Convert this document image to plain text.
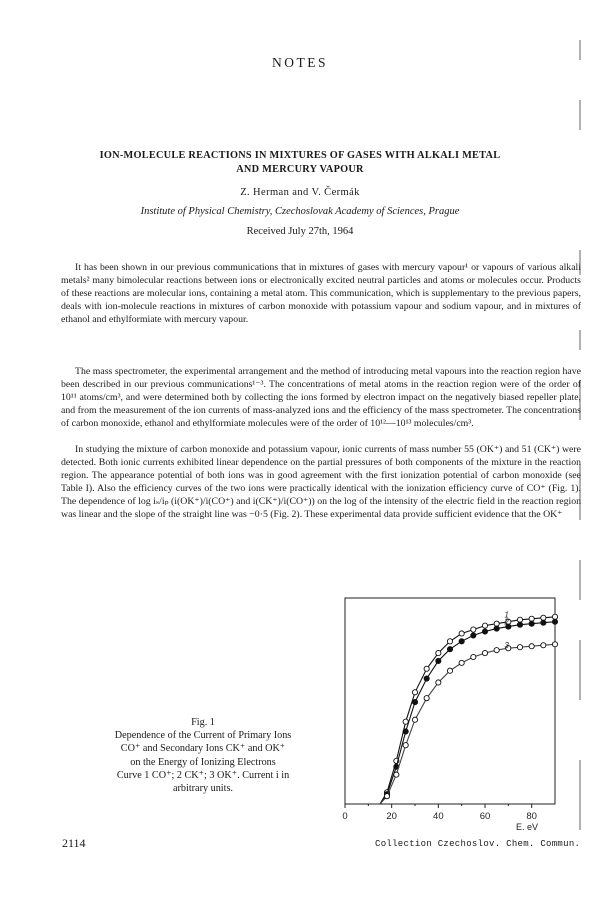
NOTES
ION-MOLECULE REACTIONS IN MIXTURES OF GASES WITH ALKALI METAL
AND MERCURY VAPOUR
Z. Herman and V. Čermák
Institute of Physical Chemistry, Czechoslovak Academy of Sciences, Prague
Received July 27th, 1964

It has been shown in our previous communications that in mixtures of gases with mercury vapour¹ or vapours of various alkali metals² many bimolecular reactions between ions or electronically excited neutral particles and atoms or molecules occur. Products of these reactions are molecular ions, containing a metal atom. This communication, which is supplementary to the previous papers, deals with ion-molecule reactions in mixtures of carbon monoxide with potassium vapour and sodium vapour, and in mixtures of ethanol and ethylformiate with mercury vapour.

The mass spectrometer, the experimental arrangement and the method of introducing metal vapours into the reaction region have been described in our previous communications¹⁻³. The concentrations of metal atoms in the reaction region were of the order of 10¹¹ atoms/cm³, and were determined both by collecting the ions formed by electron impact on the negatively biased repeller plate, and from the measurement of the ion currents of mass-analyzed ions and the efficiency of the mass spectrometer. The concentrations of carbon monoxide, ethanol and ethylformiate molecules were of the order of 10¹²—10¹³ molecules/cm³.

In studying the mixture of carbon monoxide and potassium vapour, ionic currents of mass number 55 (OK⁺) and 51 (CK⁺) were detected. Both ionic currents exhibited linear dependence on the partial pressures of both components of the mixture in the reaction region. The appearance potential of both ions was in good agreement with the first ionization potential of carbon monoxide (see Table I). Also the efficiency curves of the two ions were practically identical with the ionization efficiency curve of CO⁺ (Fig. 1). The dependence of log iₛ/iₚ (i(OK⁺)/i(CO⁺) and i(CK⁺)/i(CO⁺)) on the log of the intensity of the electric field in the reaction region was linear and the slope of the straight line was −0·5 (Fig. 2). These experimental data provide sufficient evidence that the OK⁺

Fig. 1

Dependence of the Current of Primary Ions

CO⁺ and Secondary Ions CK⁺ and OK⁺

on the Energy of Ionizing Electrons

Curve 1 CO⁺; 2 CK⁺; 3 OK⁺. Current i in

arbitrary units.

0	20	40	60	80
E, eV
1
2
3
2114	Collection Czechoslov. Chem. Commun.
